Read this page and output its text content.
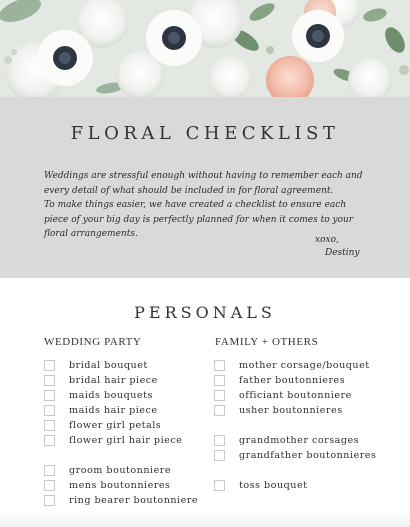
FLORAL CHECKLIST

Weddings are stressful enough without having to remember each and
every detail of what should be included in for floral agreement.
To make things easier, we have created a checklist to ensure each
piece of your big day is perfectly planned for when it comes to your
floral arrangements.

xoxo,
Destiny
PERSONALS
WEDDING PARTY	FAMILY + OTHERS
bridal bouquet
bridal hair piece
maids bouquets
maids hair piece
flower girl petals
flower girl hair piece
groom boutonniere
mens boutonnieres
ring bearer boutonniere
mother corsage/bouquet
father boutonnieres
officiant boutonniere
usher boutonnieres
grandmother corsages
grandfather boutonnieres
toss bouquet
